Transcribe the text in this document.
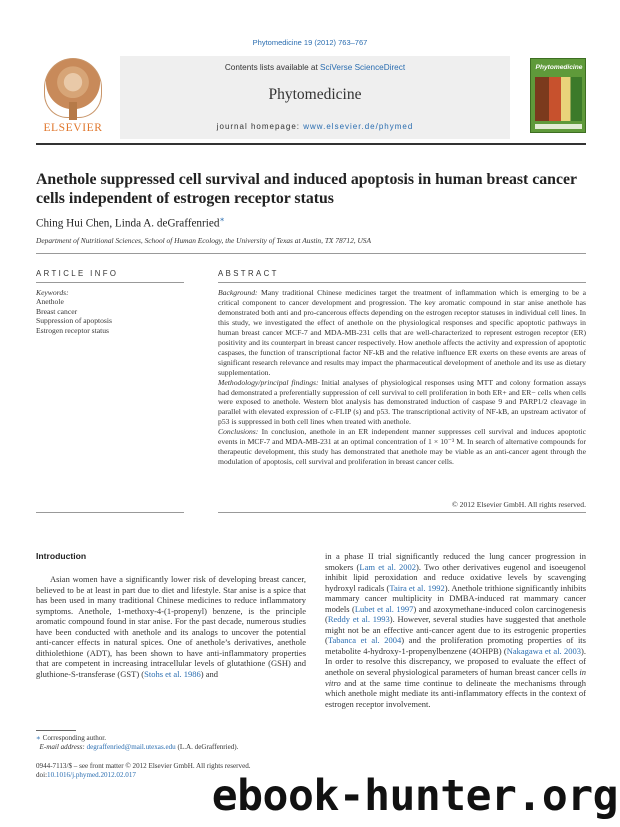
Phytomedicine 19 (2012) 763–767
ELSEVIER
Contents lists available at SciVerse ScienceDirect
Phytomedicine
journal homepage: www.elsevier.de/phymed
Phytomedicine
Anethole suppressed cell survival and induced apoptosis in human breast cancer cells independent of estrogen receptor status
Ching Hui Chen, Linda A. deGraffenried∗
Department of Nutritional Sciences, School of Human Ecology, the University of Texas at Austin, TX 78712, USA
ARTICLE INFO
Keywords:
Anethole
Breast cancer
Suppression of apoptosis
Estrogen receptor status
ABSTRACT
Background: Many traditional Chinese medicines target the treatment of inflammation which is emerging to be a critical component to cancer development and progression. The key aromatic compound in star anise anethole has demonstrated both anti and pro-cancerous effects depending on the estrogen receptor statuses in individual cell lines. In this study, we investigated the effect of anethole on the physiological responses and specific apoptotic pathways in human breast cancer MCF-7 and MDA-MB-231 cells that are well-characterized to represent estrogen receptor (ER) positivity and its counterpart in breast cancer respectively. How anethole affects the activity and expression of apoptotic caspases, the function of transcriptional factor NF-kB and the relative influence ER exerts on these events are areas of significant research relevance and results may impact the pharmaceutical development of anethole and its use as dietary supplementation.
Methodology/principal findings: Initial analyses of physiological responses using MTT and colony formation assays had demonstrated a preferentially suppression of cell survival to cell proliferation in both ER+ and ER− cells when cells were exposed to anethole. Western blot analysis has demonstrated induction of caspase 9 and PARP1/2 cleavage in parallel with elevated expression of c-FLIP (s) and p53. The transcriptional activity of NF-kB, an upstream activator of p53 is suppressed in both cell lines when treated with anethole.
Conclusions: In conclusion, anethole in an ER independent manner suppresses cell survival and induces apoptotic events in MCF-7 and MDA-MB-231 at an optimal concentration of 1 × 10⁻³ M. In search of alternative compounds for therapeutic development, this study has demonstrated that anethole may be viable as an anti-cancer agent through the modulation of apoptosis, cell survival and proliferation in breast cancer cells.
© 2012 Elsevier GmbH. All rights reserved.
Introduction
Asian women have a significantly lower risk of developing breast cancer, believed to be at least in part due to diet and lifestyle. Star anise is a spice that has been used in many traditional Chinese medicines to reduce inflammatory symptoms. Anethole, 1-methoxy-4-(1-propenyl) benzene, is the principle aromatic compound found in star anise. For the past decade, numerous studies have been conducted with anethole and its analogs to uncover the potential anti-cancer effects in natural spices. One of anethole’s derivatives, anethole dithiolethione (ADT), has been shown to have anti-inflammatory properties that are competent in increasing intracellular levels of glutathione (GSH) and gluthione-S-transferase (GST) (Stohs et al. 1986) and
in a phase II trial significantly reduced the lung cancer progression in smokers (Lam et al. 2002). Two other derivatives eugenol and isoeugenol inhibit lipid peroxidation and reduce oxidative levels by scavenging hydroxyl radicals (Taira et al. 1992). Anethole trithione significantly inhibits mammary cancer multiplicity in DMBA-induced rat mammary cancer models (Lubet et al. 1997) and azoxymethane-induced colon carcinogenesis (Reddy et al. 1993). However, several studies have suggested that anethole might not be an effective anti-cancer agent due to its estrogenic properties (Tabanca et al. 2004) and the proliferation promoting properties of its metabolite 4-hydroxy-1-propenylbenzene (4OHPB) (Nakagawa et al. 2003). In order to resolve this discrepancy, we proposed to evaluate the effect of anethole on several physiological parameters of human breast cancer cells in vitro and at the same time continue to delineate the mechanisms through which anethole might mediate its anti-inflammatory effects in the context of estrogen receptor involvement.
∗ Corresponding author.
E-mail address: degraffenried@mail.utexas.edu (L.A. deGraffenried).
0944-7113/$ – see front matter © 2012 Elsevier GmbH. All rights reserved.
doi:10.1016/j.phymed.2012.02.017	ebook-hunter.org
